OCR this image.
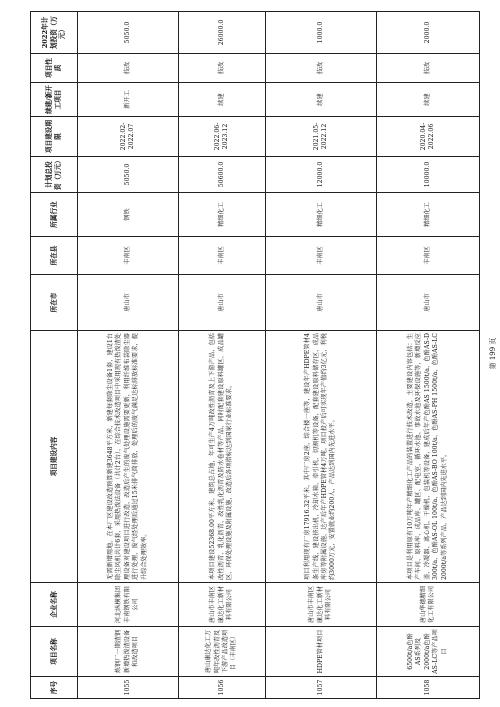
序号	项目名称	企业名称	项目建设内容	所在市	所在县	所属行业	计划总投资（万元）	项目建设期限	续建/新开工项目	项目性质	2022年计划投资（万元）
1055	炼钢厂一期渣钢新增热泼渣设备和改造项目	河北纵横集团丰南钢铁有限公司	无需新增用地。在本厂区建设改造预算新建3648平方米，新建每套除尘设备1套，建设1台除尘风机共计6套，采用热泼法设备（共计2台），在综合技术改造项目中采用现有热泼渣处理设备对建设项目进行改造，改造后产生的废气处理设施需要更新，利用纤维布袋除尘器进行处理，废气经处理后通过15米排气筒排放，处理后的废气满足达标排放标准要求，提升综合处理效率。	唐山市	丰南区	钢铁	5050.0	2022.02-2022.07	新开工	技改	5050.0
1056	唐山康达化工万吨年改性沥青及下游产品改造项目（丰南区）	唐山市丰南区康达化工新材料有限公司	本项目建设52368.00平方米，建筑总占地，年可生产4万吨改性沥青及上下游产品，包括改性沥青、乳化沥青、改性乳化沥青及防水卷材等产品，同时配套建设原料罐区、成品罐区、环保处理设施及附属设施，改造后各项指标达到国家行业标准要求。	唐山市	丰南区	精细化工	50600.0	2022.06-2023.12	续建	技改	26000.0
1057	HDPE管材项目	唐山市丰南区康达化工新材料有限公司	项目利用现有厂房17916.32平米，其中厂房2座，综合楼一座等，建设年产HDPE管材4条生产线，建设挤出机、冷却水箱、牵引机、切割机等设备，配套建设原料储存区、成品库房等附属设施，达产后年产HDPE管材4万吨，项目投产后可实现年产值约3亿元，利税约3000万元，安置就业约200人，产品达到国内先进水平。	唐山市	丰南区	精细化工	12000.0	2021.05-2022.12	续建	技改	1000.0
1058	6500t/a色酚AS系列及2000t/a色酚AS-LC等产品项目	唐山华德精细化工有限公司	本项目是利用原有10万吨年产精细化工产品的装置进行技术改造，主要建设内容包括：生产车间、原料库、成品库、罐区、配电室、循环水池、事故水池及环保设施等，新增反应釜、冷凝器、离心机、干燥机、包装机等设备，建成后年产色酚AS 1500t/a、色酚AS-D 300t/a、色酚AS-OL 100t/a、色酚AS-BO 100t/a、色酚AS-PH 1500t/a、色酚AS-LC 2000t/a等系列产品，产品达到国内先进水平。	唐山市	丰南区	精细化工	10000.0	2020.04-2022.06	续建	技改	2000.0
第 199 页
